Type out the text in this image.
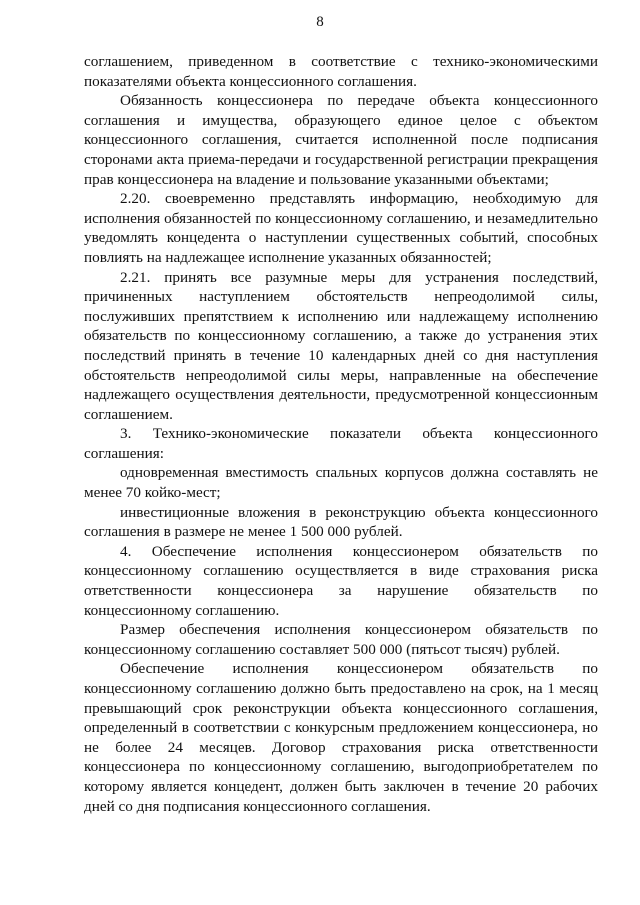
8

соглашением, приведенном в соответствие с технико-экономическими показателями объекта концессионного соглашения.

Обязанность концессионера по передаче объекта концессионного соглашения и имущества, образующего единое целое с объектом концессионного соглашения, считается исполненной после подписания сторонами акта приема-передачи и государственной регистрации прекращения прав концессионера на владение и пользование указанными объектами;

2.20. своевременно представлять информацию, необходимую для исполнения обязанностей по концессионному соглашению, и незамедлительно уведомлять концедента о наступлении существенных событий, способных повлиять на надлежащее исполнение указанных обязанностей;

2.21. принять все разумные меры для устранения последствий, причиненных наступлением обстоятельств непреодолимой силы, послуживших препятствием к исполнению или надлежащему исполнению обязательств по концессионному соглашению, а также до устранения этих последствий принять в течение 10 календарных дней со дня наступления обстоятельств непреодолимой силы меры, направленные на обеспечение надлежащего осуществления деятельности, предусмотренной концессионным соглашением.

3. Технико-экономические показатели объекта концессионного соглашения:

одновременная вместимость спальных корпусов должна составлять не менее 70 койко-мест;

инвестиционные вложения в реконструкцию объекта концессионного соглашения в размере не менее 1 500 000 рублей.

4. Обеспечение исполнения концессионером обязательств по концессионному соглашению осуществляется в виде страхования риска ответственности концессионера за нарушение обязательств по концессионному соглашению.

Размер обеспечения исполнения концессионером обязательств по концессионному соглашению составляет 500 000 (пятьсот тысяч) рублей.

Обеспечение исполнения концессионером обязательств по концессионному соглашению должно быть предоставлено на срок, на 1 месяц превышающий срок реконструкции объекта концессионного соглашения, определенный в соответствии с конкурсным предложением концессионера, но не более 24 месяцев. Договор страхования риска ответственности концессионера по концессионному соглашению, выгодоприобретателем по которому является концедент, должен быть заключен в течение 20 рабочих дней со дня подписания концессионного соглашения.
